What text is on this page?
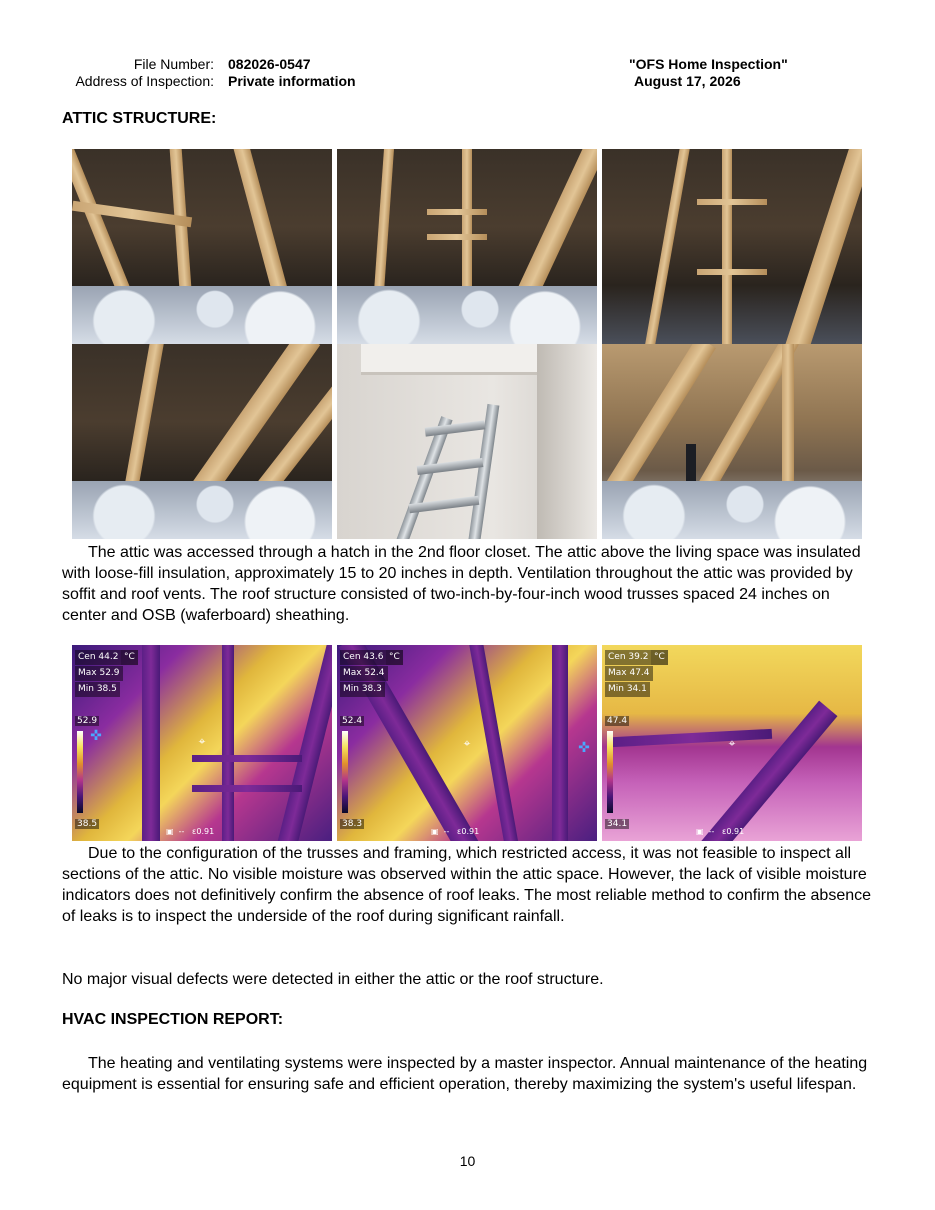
File Number: 082026-0547
Address of Inspection: Private information
"OFS Home Inspection"
August 17, 2026
ATTIC STRUCTURE:
The attic was accessed through a hatch in the 2nd floor closet. The attic above the living space was insulated with loose-fill insulation, approximately 15 to 20 inches in depth. Ventilation throughout the attic was provided by soffit and roof vents. The roof structure consisted of two-inch-by-four-inch wood trusses spaced 24 inches on center and OSB (waferboard) sheathing.
Cen 44.2
Max 52.9
Min 38.5
°C
52.9
38.5
✜	⌖
▣  --   ε0.91
Cen 43.6
Max 52.4
Min 38.3
°C
52.4
38.3
✜
⌖
▣  --   ε0.91
Cen 39.2
Max 47.4
Min 34.1
°C
47.4
34.1
⌖
▣  --   ε0.91
Due to the configuration of the trusses and framing, which restricted access, it was not feasible to inspect all sections of the attic. No visible moisture was observed within the attic space. However, the lack of visible moisture indicators does not definitively confirm the absence of roof leaks. The most reliable method to confirm the absence of leaks is to inspect the underside of the roof during significant rainfall.
No major visual defects were detected in either the attic or the roof structure.
HVAC INSPECTION REPORT:
The heating and ventilating systems were inspected by a master inspector. Annual maintenance of the heating equipment is essential for ensuring safe and efficient operation, thereby maximizing the system's useful lifespan.
10
